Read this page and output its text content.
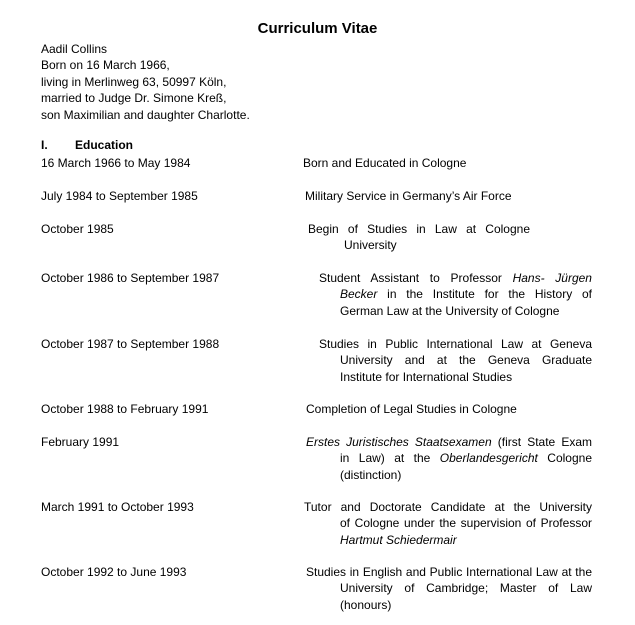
Curriculum Vitae
Aadil Collins
Born on 16 March 1966,
living in Merlinweg 63, 50997 Köln,
married to Judge Dr. Simone Kreß,
son Maximilian and daughter Charlotte.
I. Education
16 March 1966 to May 1984	Born and Educated in Cologne
July 1984 to September 1985	Military Service in Germany’s Air Force
October 1985	Begin of Studies in Law at Cologne
University
October 1986 to September 1987	Student Assistant to Professor Hans- Jürgen
Becker in the Institute for the History of
German Law at the University of Cologne
October 1987 to September 1988	Studies in Public International Law at Geneva
University and at the Geneva Graduate
Institute for International Studies
October 1988 to February 1991	Completion of Legal Studies in Cologne
February 1991	Erstes Juristisches Staatsexamen (first State Exam
in Law) at the Oberlandesgericht Cologne
(distinction)
March 1991 to October 1993	Tutor and Doctorate Candidate at the University
of Cologne under the supervision of Professor
Hartmut Schiedermair
October 1992 to June 1993	Studies in English and Public International Law at the
University of Cambridge; Master of Law
(honours)
